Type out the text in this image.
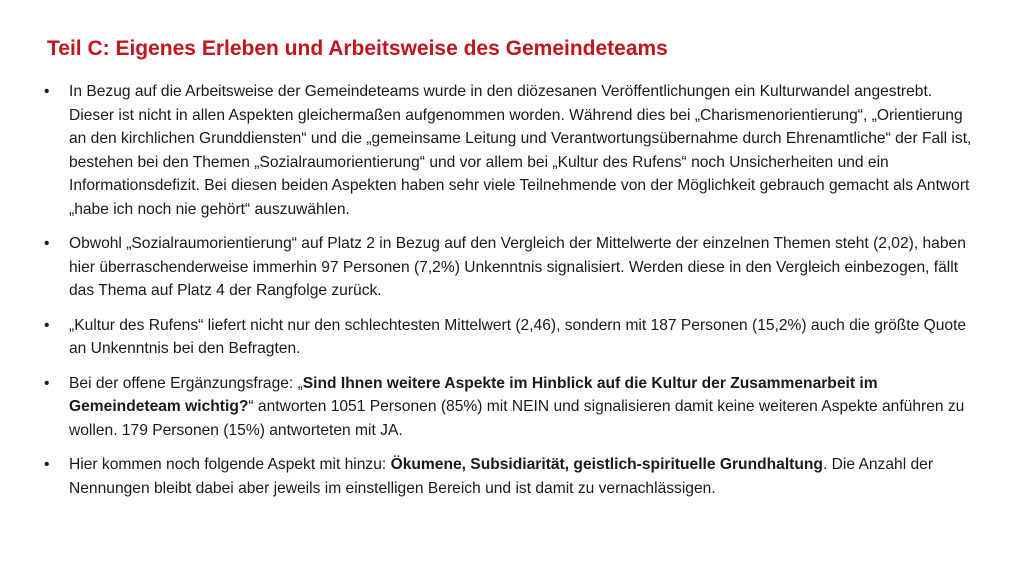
Teil C: Eigenes Erleben und Arbeitsweise des Gemeindeteams
• In Bezug auf die Arbeitsweise der Gemeindeteams wurde in den diözesanen Veröffentlichungen ein Kulturwandel angestrebt. Dieser ist nicht in allen Aspekten gleichermaßen aufgenommen worden. Während dies bei „Charismenorientierung“, „Orientierung an den kirchlichen Grunddiensten“ und die „gemeinsame Leitung und Verantwortungsübernahme durch Ehrenamtliche“ der Fall ist, bestehen bei den Themen „Sozialraumorientierung“ und vor allem bei „Kultur des Rufens“ noch Unsicherheiten und ein Informationsdefizit. Bei diesen beiden Aspekten haben sehr viele Teilnehmende von der Möglichkeit gebrauch gemacht als Antwort „habe ich noch nie gehört“ auszuwählen.
• Obwohl „Sozialraumorientierung“ auf Platz 2 in Bezug auf den Vergleich der Mittelwerte der einzelnen Themen steht (2,02), haben hier überraschenderweise immerhin 97 Personen (7,2%) Unkenntnis signalisiert. Werden diese in den Vergleich einbezogen, fällt das Thema auf Platz 4 der Rangfolge zurück.
• „Kultur des Rufens“ liefert nicht nur den schlechtesten Mittelwert (2,46), sondern mit 187 Personen (15,2%) auch die größte Quote an Unkenntnis bei den Befragten.
• Bei der offene Ergänzungsfrage: „Sind Ihnen weitere Aspekte im Hinblick auf die Kultur der Zusammenarbeit im Gemeindeteam wichtig?“ antworten 1051 Personen (85%) mit NEIN und signalisieren damit keine weiteren Aspekte anführen zu wollen. 179 Personen (15%) antworteten mit JA.
• Hier kommen noch folgende Aspekt mit hinzu: Ökumene, Subsidiarität, geistlich-spirituelle Grundhaltung. Die Anzahl der Nennungen bleibt dabei aber jeweils im einstelligen Bereich und ist damit zu vernachlässigen.
